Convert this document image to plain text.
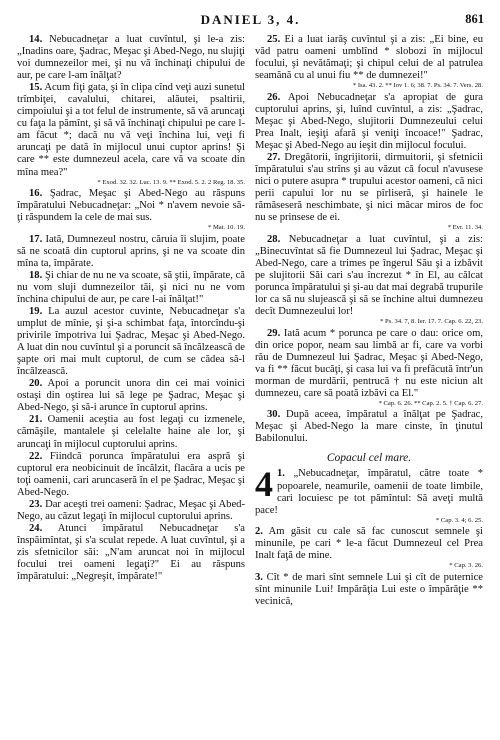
DANIEL 3, 4.	861

14. Nebucadneţar a luat cuvîntul, şi le-a zis: „Inadins oare, Şadrac, Meşac şi Abed-Nego, nu slujiţi voi dumnezeilor mei, şi nu vă închinaţi chipului de aur, pe care l-am înălţat?

15. Acum fiţi gata, şi în clipa cînd veţi auzi sunetul trîmbiţei, cavalului, chitarei, alăutei, psaltirii, cimpoiului şi a tot felul de instrumente, să vă aruncaţi cu faţa la pămînt, şi să vă închinaţi chipului pe care l-am făcut *; dacă nu vă veţi închina lui, veţi fi aruncaţi pe dată în mijlocul unui cuptor aprins! Şi care ** este dumnezeul acela, care vă va scoate din mîna mea?"

* Exod. 32. 32. Luc. 13. 9. ** Exod. 5. 2. 2 Reg. 18. 35.

16. Şadrac, Meşac şi Abed-Nego au răspuns împăratului Nebucadneţar: „Noi * n'avem nevoie să-ţi răspundem la cele de mai sus.

* Mat. 10. 19.

17. Iată, Dumnezeul nostru, căruia îi slujim, poate să ne scoată din cuptorul aprins, şi ne va scoate din mîna ta, împărate.

18. Şi chiar de nu ne va scoate, să ştii, împărate, că nu vom sluji dumnezeilor tăi, şi nici nu ne vom închina chipului de aur, pe care l-ai înălţat!"

19. La auzul acestor cuvinte, Nebucadneţar s'a umplut de mînie, şi şi-a schimbat faţa, întorcîndu-şi privirile împotriva lui Şadrac, Meşac şi Abed-Nego. A luat din nou cuvîntul şi a poruncit să încălzească de şapte ori mai mult cuptorul, de cum se cădea să-l încălzească.

20. Apoi a poruncit unora din cei mai voinici ostaşi din oştirea lui să lege pe Şadrac, Meşac şi Abed-Nego, şi să-i arunce în cuptorul aprins.

21. Oamenii aceştia au fost legaţi cu izmenele, cămăşile, mantalele şi celelalte haine ale lor, şi aruncaţi în mijlocul cuptorului aprins.

22. Fiindcă porunca împăratului era aspră şi cuptorul era neobicinuit de încălzit, flacăra a ucis pe toţi oamenii, cari aruncaseră în el pe Şadrac, Meşac şi Abed-Nego.

23. Dar aceşti trei oameni: Şadrac, Meşac şi Abed-Nego, au căzut legaţi în mijlocul cuptorului aprins.

24. Atunci împăratul Nebucadneţar s'a înspăimîntat, şi s'a sculat repede. A luat cuvîntul, şi a zis sfetnicilor săi: „N'am aruncat noi în mijlocul focului trei oameni legaţi?" Ei au răspuns împăratului: „Negreşit, împărate!"

25. Ei a luat iarăş cuvîntul şi a zis: „Ei bine, eu văd patru oameni umblînd * slobozi în mijlocul focului, şi nevătămaţi; şi chipul celui de al patrulea seamănă cu al unui fiu ** de dumnezei!"

* Isa. 43. 2. ** Iov 1. 6; 38. 7. Ps. 34. 7. Vers. 28.

26. Apoi Nebucadneţar s'a apropiat de gura cuptorului aprins, şi, luînd cuvîntul, a zis: „Şadrac, Meşac şi Abed-Nego, slujitorii Dumnezeului celui Prea Inalt, ieşiţi afară şi veniţi încoace!" Şadrac, Meşac şi Abed-Nego au ieşit din mijlocul focului.

27. Dregătorii, îngrijitorii, dirmuitorii, şi sfetnicii împăratului s'au strîns şi au văzut că focul n'avusese nici o putere asupra * trupului acestor oameni, că nici perii capului lor nu se pîrliseră, şi hainele le rămăseseră neschimbate, şi nici măcar miros de foc nu se prinsese de ei.

* Evr. 11. 34.

28. Nebucadneţar a luat cuvîntul, şi a zis: „Binecuvîntat să fie Dumnezeul lui Şadrac, Meşac şi Abed-Nego, care a trimes pe îngerul Său şi a izbăvit pe slujitorii Săi cari s'au încrezut * în El, au călcat porunca împăratului şi şi-au dat mai degrabă trupurile lor ca să nu slujească şi să se închine altui dumnezeu decît Dumnezeului lor!

* Ps. 34. 7, 8. Ier. 17. 7. Cap. 6. 22, 23.

29. Iată acum * porunca pe care o dau: orice om, din orice popor, neam sau limbă ar fi, care va vorbi rău de Dumnezeul lui Şadrac, Meşac şi Abed-Nego, va fi ** făcut bucăţi, şi casa lui va fi prefăcută într'un morman de murdării, pentrucă † nu este niciun alt dumnezeu, care să poată izbăvi ca El."

* Cap. 6. 26. ** Cap. 2. 5. † Cap. 6. 27.

30. După aceea, împăratul a înălţat pe Şadrac, Meşac şi Abed-Nego la mare cinste, în ţinutul Babilonului.

Copacul cel mare.
4 1. „Nebucadneţar, împăratul, către toate * popoarele, neamurile, oamenii de toate limbile, cari locuiesc pe tot pămîntul: Să aveţi multă pace!

* Cap. 3. 4; 6. 25.

2. Am găsit cu cale să fac cunoscut semnele şi minunile, pe cari * le-a făcut Dumnezeul cel Prea Inalt faţă de mine.

* Cap. 3. 26.

3. Cît * de mari sînt semnele Lui şi cît de puternice sînt minunile Lui! Impărăţia Lui este o împărăţie ** vecinică,
